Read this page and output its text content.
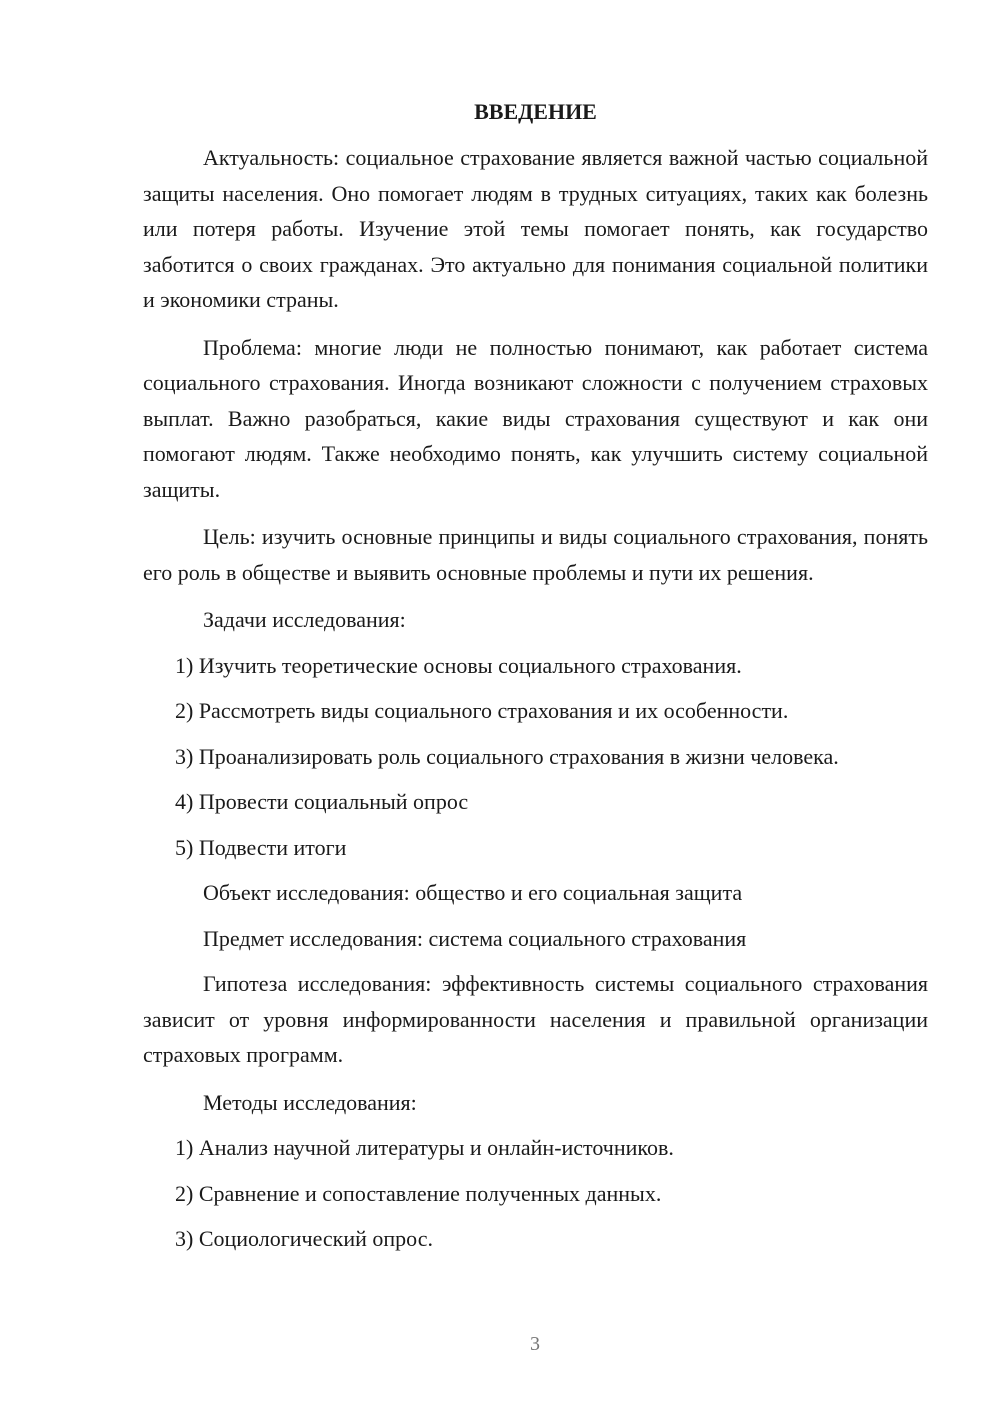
ВВЕДЕНИЕ

Актуальность: социальное страхование является важной частью социальной защиты населения. Оно помогает людям в трудных ситуациях, таких как болезнь или потеря работы. Изучение этой темы помогает понять, как государство заботится о своих гражданах. Это актуально для понимания социальной политики и экономики страны.

Проблема: многие люди не полностью понимают, как работает система социального страхования. Иногда возникают сложности с получением страховых выплат. Важно разобраться, какие виды страхования существуют и как они помогают людям. Также необходимо понять, как улучшить систему социальной защиты.

Цель: изучить основные принципы и виды социального страхования, понять его роль в обществе и выявить основные проблемы и пути их решения.

Задачи исследования:

1) Изучить теоретические основы социального страхования.

2) Рассмотреть виды социального страхования и их особенности.

3) Проанализировать роль социального страхования в жизни человека.

4) Провести социальный опрос

5) Подвести итоги

Объект исследования: общество и его социальная защита

Предмет исследования: система социального страхования

Гипотеза исследования: эффективность системы социального страхования зависит от уровня информированности населения и правильной организации страховых программ.

Методы исследования:

1) Анализ научной литературы и онлайн-источников.

2) Сравнение и сопоставление полученных данных.

3) Социологический опрос.

3
